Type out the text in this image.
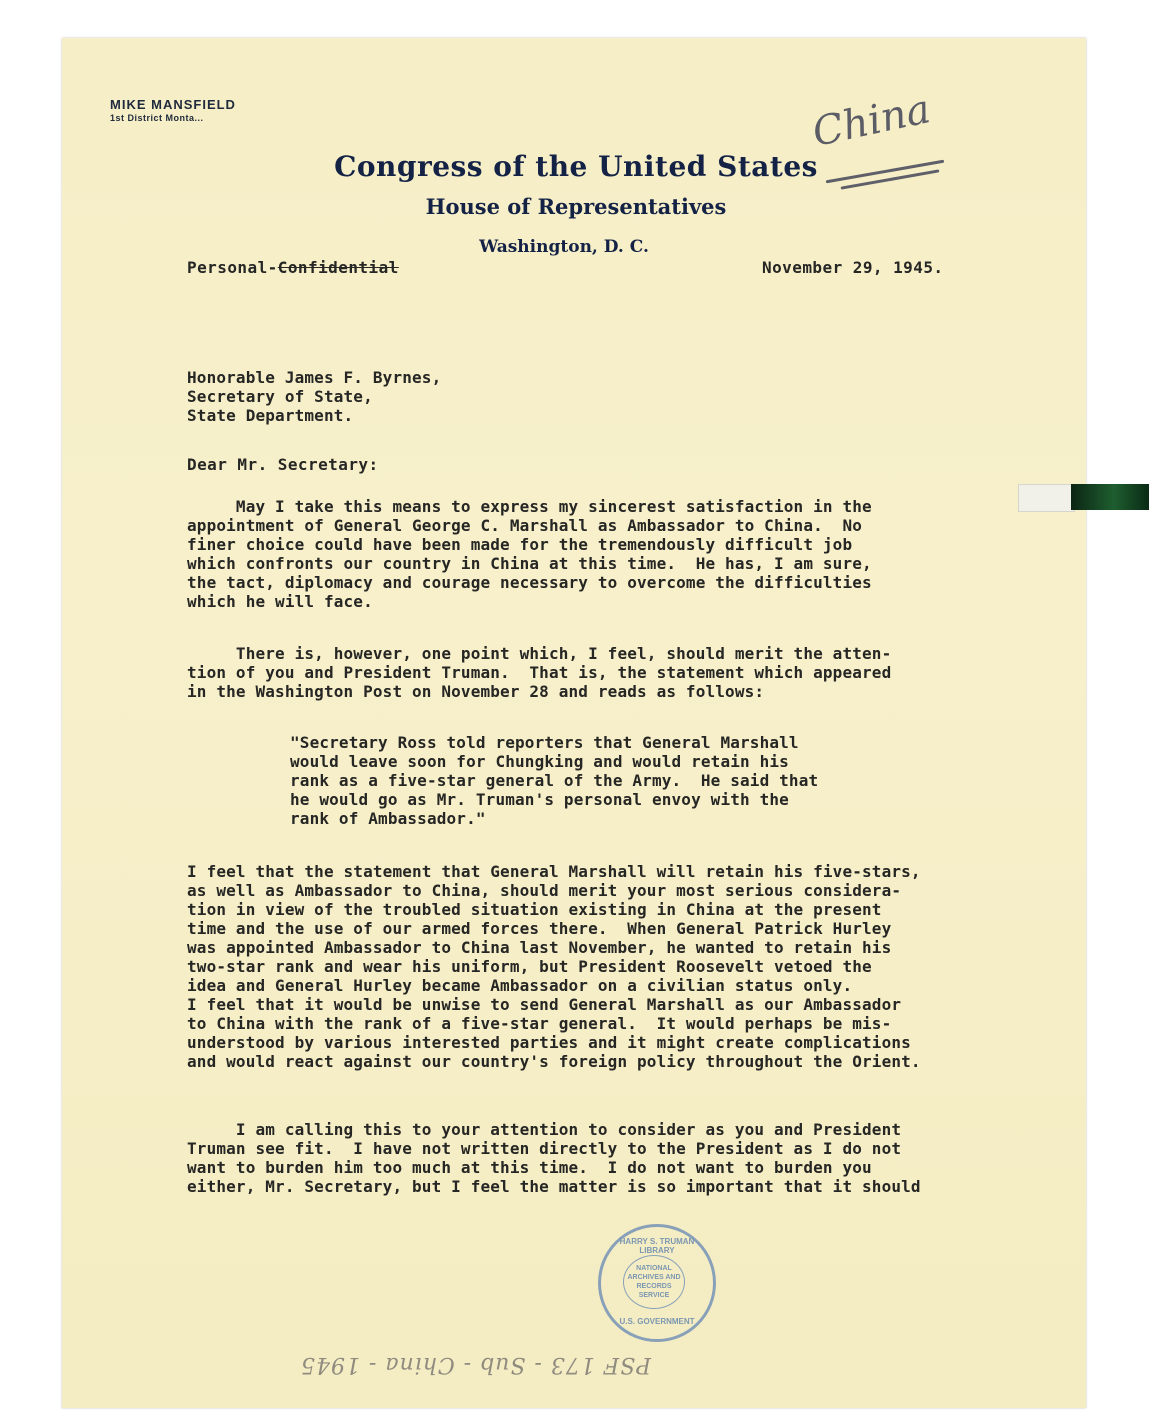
MIKE MANSFIELD
1st District Monta...
Congress of the United States
House of Representatives
Washington, D. C.
China
Personal-Confidential	November 29, 1945.
Honorable James F. Byrnes,
Secretary of State,
State Department.
Dear Mr. Secretary:
May I take this means to express my sincerest satisfaction in the
appointment of General George C. Marshall as Ambassador to China.  No
finer choice could have been made for the tremendously difficult job
which confronts our country in China at this time.  He has, I am sure,
the tact, diplomacy and courage necessary to overcome the difficulties
which he will face.
There is, however, one point which, I feel, should merit the atten-
tion of you and President Truman.  That is, the statement which appeared
in the Washington Post on November 28 and reads as follows:
"Secretary Ross told reporters that General Marshall
would leave soon for Chungking and would retain his
rank as a five-star general of the Army.  He said that
he would go as Mr. Truman's personal envoy with the
rank of Ambassador."
I feel that the statement that General Marshall will retain his five-stars,
as well as Ambassador to China, should merit your most serious considera-
tion in view of the troubled situation existing in China at the present
time and the use of our armed forces there.  When General Patrick Hurley
was appointed Ambassador to China last November, he wanted to retain his
two-star rank and wear his uniform, but President Roosevelt vetoed the
idea and General Hurley became Ambassador on a civilian status only.
I feel that it would be unwise to send General Marshall as our Ambassador
to China with the rank of a five-star general.  It would perhaps be mis-
understood by various interested parties and it might create complications
and would react against our country's foreign policy throughout the Orient.
I am calling this to your attention to consider as you and President
Truman see fit.  I have not written directly to the President as I do not
want to burden him too much at this time.  I do not want to burden you
either, Mr. Secretary, but I feel the matter is so important that it should
HARRY S. TRUMAN LIBRARY
NATIONAL ARCHIVES AND RECORDS SERVICE
U.S. GOVERNMENT
PSF 173 - Sub - China - 1945
